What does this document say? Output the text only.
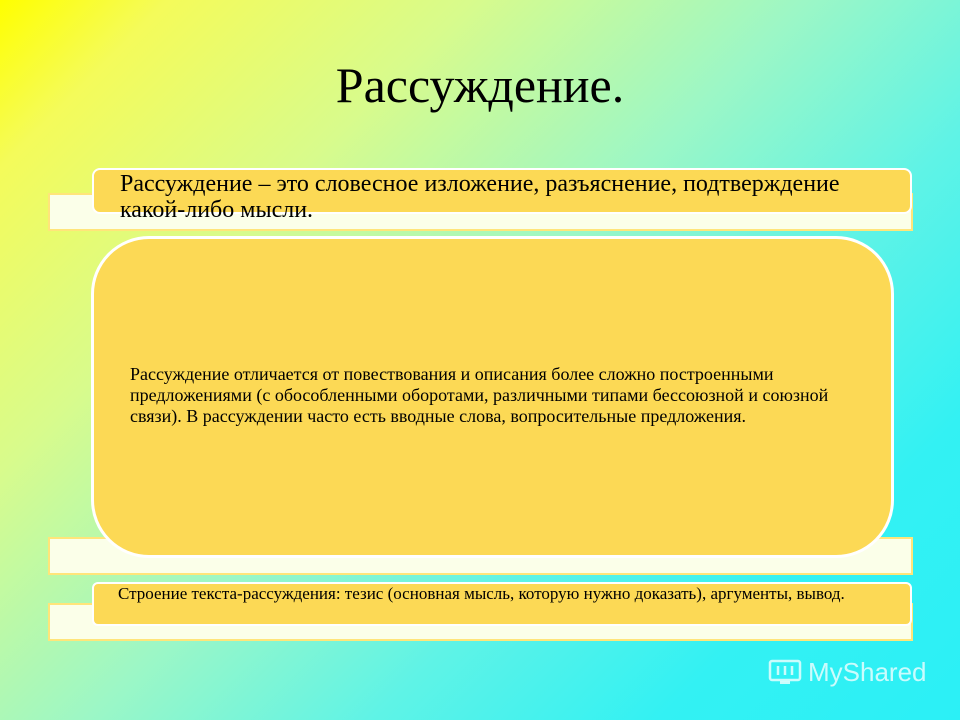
Рассуждение.
Рассуждение – это словесное изложение, разъяснение, подтверждение какой-либо мысли.
Рассуждение отличается от повествования и описания более сложно построенными предложениями (с обособленными оборотами, различными типами бессоюзной и союзной связи). В рассуждении часто есть вводные слова, вопросительные предложения.
Строение текста-рассуждения: тезис (основная мысль, которую нужно доказать), аргументы, вывод.
MyShared
